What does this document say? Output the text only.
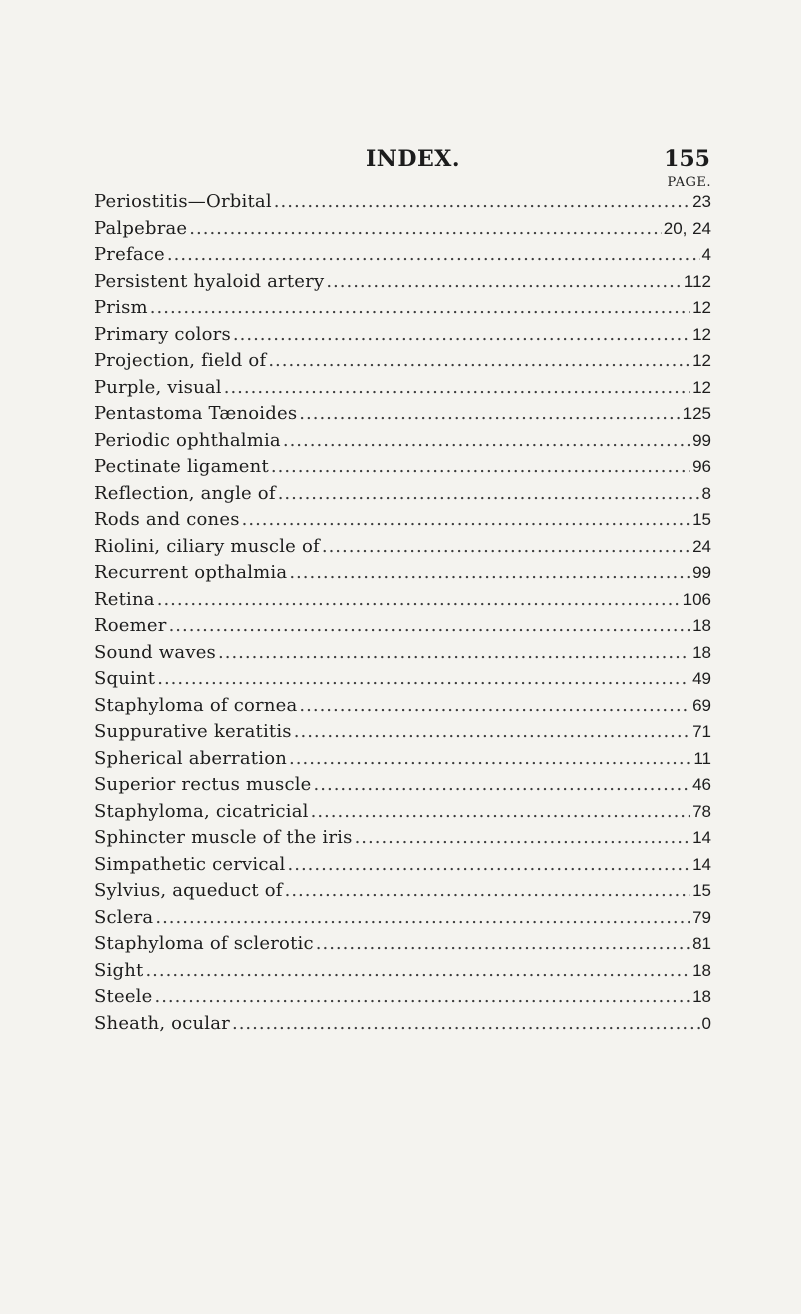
INDEX.	155
PAGE.
Periostitis—Orbital .....	23
Palpebrae .....	20, 24
Preface .....	4
Persistent hyaloid artery .....	112
Prism .....	12
Primary colors .....	12
Projection, field of .....	12
Purple, visual .....	12
Pentastoma Tænoides .....	125
Periodic ophthalmia .....	99
Pectinate ligament .....	96
Reflection, angle of .....	8
Rods and cones .....	15
Riolini, ciliary muscle of .....	24
Recurrent opthalmia .....	99
Retina .....	106
Roemer .....	18
Sound waves .....	18
Squint .....	49
Staphyloma of cornea .....	69
Suppurative keratitis .....	71
Spherical aberration .....	11
Superior rectus muscle .....	46
Staphyloma, cicatricial .....	78
Sphincter muscle of the iris .....	14
Simpathetic cervical .....	14
Sylvius, aqueduct of .....	15
Sclera .....	79
Staphyloma of sclerotic .....	81
Sight .....	18
Steele .....	18
Sheath, ocular .....	0
